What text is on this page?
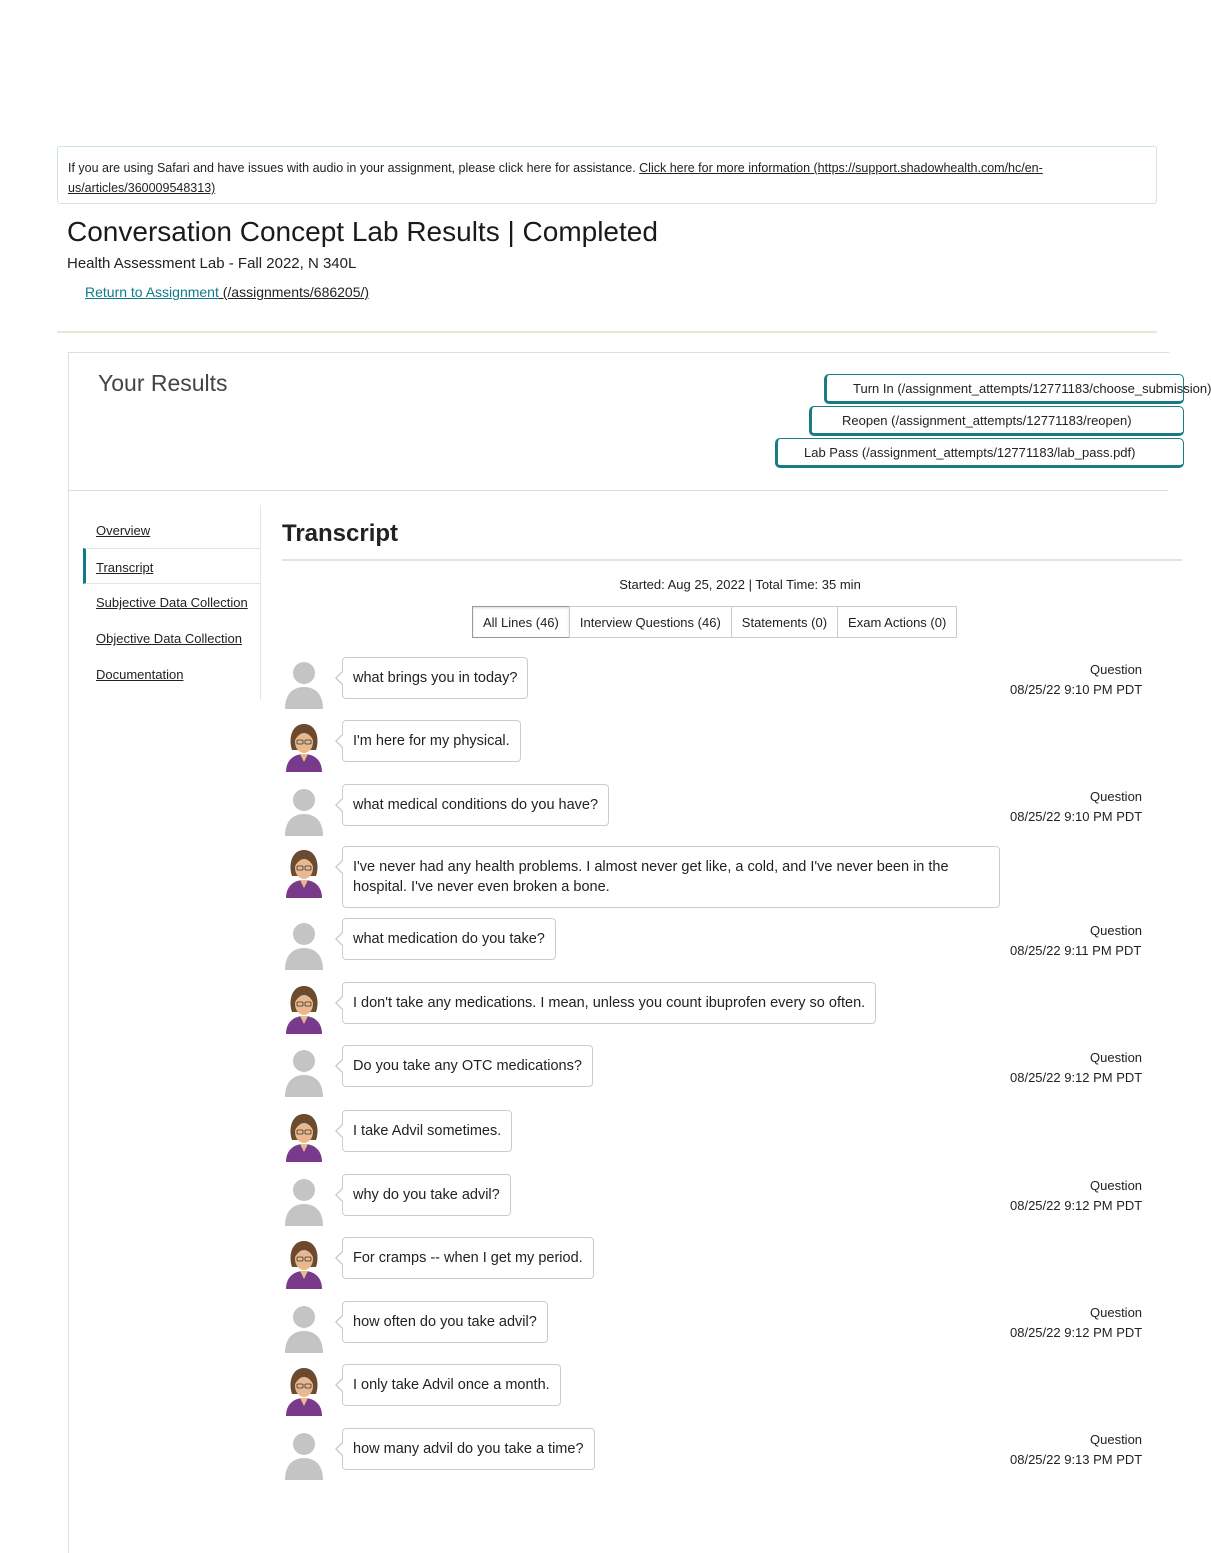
If you are using Safari and have issues with audio in your assignment, please click here for assistance. Click here for more information (https://support.shadowhealth.com/hc/en-us/articles/360009548313)
Conversation Concept Lab Results | Completed
Health Assessment Lab - Fall 2022, N 340L
Return to Assignment (/assignments/686205/)
Your Results	Turn In (/assignment_attempts/12771183/choose_submission)
Reopen (/assignment_attempts/12771183/reopen)
Lab Pass (/assignment_attempts/12771183/lab_pass.pdf)
Overview
Transcript
Subjective Data Collection
Objective Data Collection
Documentation
Transcript
Started: Aug 25, 2022 | Total Time: 35 min
All Lines (46)	Interview Questions (46)	Statements (0)	Exam Actions (0)
what brings you in today?
Question
08/25/22 9:10 PM PDT
I'm here for my physical.
what medical conditions do you have?
Question
08/25/22 9:10 PM PDT
I've never had any health problems. I almost never get like, a cold, and I've never been in the hospital. I've never even broken a bone.
what medication do you take?
Question
08/25/22 9:11 PM PDT
I don't take any medications. I mean, unless you count ibuprofen every so often.
Do you take any OTC medications?
Question
08/25/22 9:12 PM PDT
I take Advil sometimes.
why do you take advil?
Question
08/25/22 9:12 PM PDT
For cramps -- when I get my period.
how often do you take advil?
Question
08/25/22 9:12 PM PDT
I only take Advil once a month.
how many advil do you take a time?
Question
08/25/22 9:13 PM PDT
